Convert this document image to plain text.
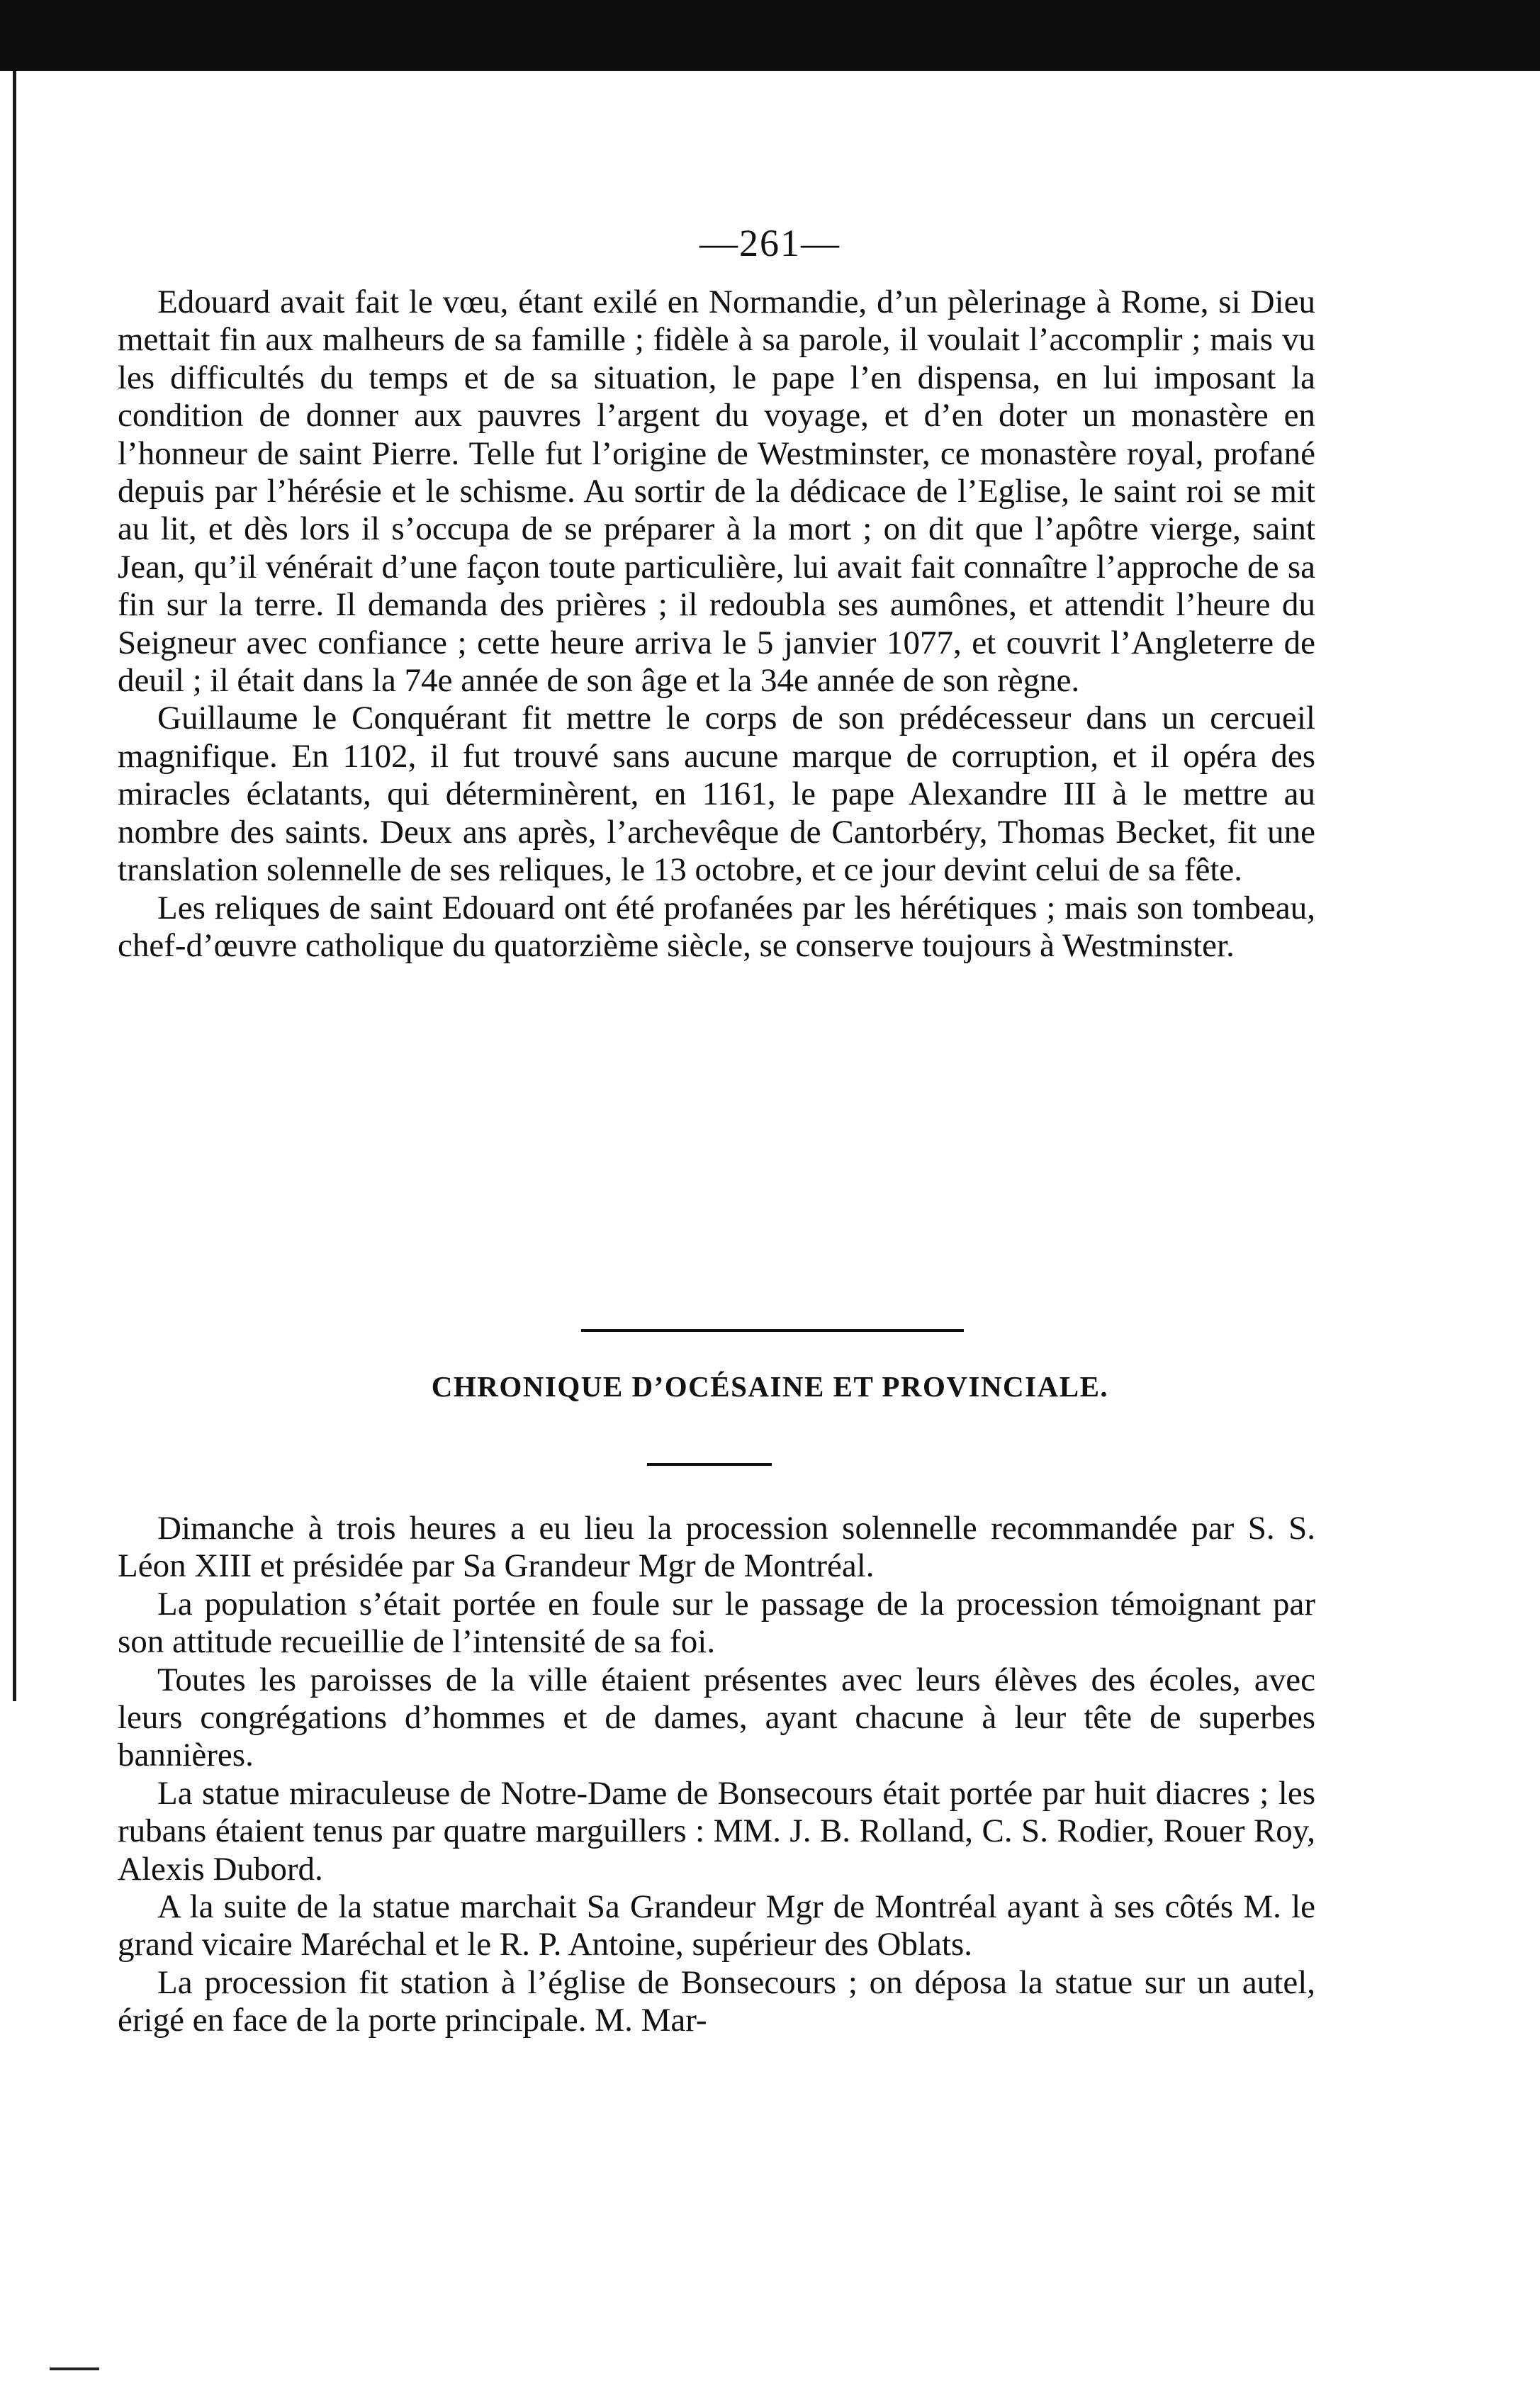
—261—

Edouard avait fait le vœu, étant exilé en Normandie, d’un pèlerinage à Rome, si Dieu mettait fin aux malheurs de sa famille ; fidèle à sa parole, il voulait l’accomplir ; mais vu les difficultés du temps et de sa situation, le pape l’en dispensa, en lui imposant la condition de donner aux pauvres l’argent du voyage, et d’en doter un monastère en l’honneur de saint Pierre. Telle fut l’origine de Westminster, ce monastère royal, profané depuis par l’hérésie et le schisme. Au sortir de la dédicace de l’Eglise, le saint roi se mit au lit, et dès lors il s’occupa de se préparer à la mort ; on dit que l’apôtre vierge, saint Jean, qu’il vénérait d’une façon toute particulière, lui avait fait connaître l’approche de sa fin sur la terre. Il demanda des prières ; il redoubla ses aumônes, et attendit l’heure du Seigneur avec confiance ; cette heure arriva le 5 janvier 1077, et couvrit l’Angleterre de deuil ; il était dans la 74e année de son âge et la 34e année de son règne.

Guillaume le Conquérant fit mettre le corps de son prédécesseur dans un cercueil magnifique. En 1102, il fut trouvé sans aucune marque de corruption, et il opéra des miracles éclatants, qui déterminèrent, en 1161, le pape Alexandre III à le mettre au nombre des saints. Deux ans après, l’archevêque de Cantorbéry, Thomas Becket, fit une translation solennelle de ses reliques, le 13 octobre, et ce jour devint celui de sa fête.

Les reliques de saint Edouard ont été profanées par les hérétiques ; mais son tombeau, chef-d’œuvre catholique du quatorzième siècle, se conserve toujours à Westminster.

CHRONIQUE D’OCÉSAINE ET PROVINCIALE.

Dimanche à trois heures a eu lieu la procession solennelle recommandée par S. S. Léon XIII et présidée par Sa Grandeur Mgr de Montréal.

La population s’était portée en foule sur le passage de la procession témoignant par son attitude recueillie de l’intensité de sa foi.

Toutes les paroisses de la ville étaient présentes avec leurs élèves des écoles, avec leurs congrégations d’hommes et de dames, ayant chacune à leur tête de superbes bannières.

La statue miraculeuse de Notre-Dame de Bonsecours était portée par huit diacres ; les rubans étaient tenus par quatre marguillers : MM. J. B. Rolland, C. S. Rodier, Rouer Roy, Alexis Dubord.

A la suite de la statue marchait Sa Grandeur Mgr de Montréal ayant à ses côtés M. le grand vicaire Maréchal et le R. P. Antoine, supérieur des Oblats.

La procession fit station à l’église de Bonsecours ; on déposa la statue sur un autel, érigé en face de la porte principale. M. Mar-
